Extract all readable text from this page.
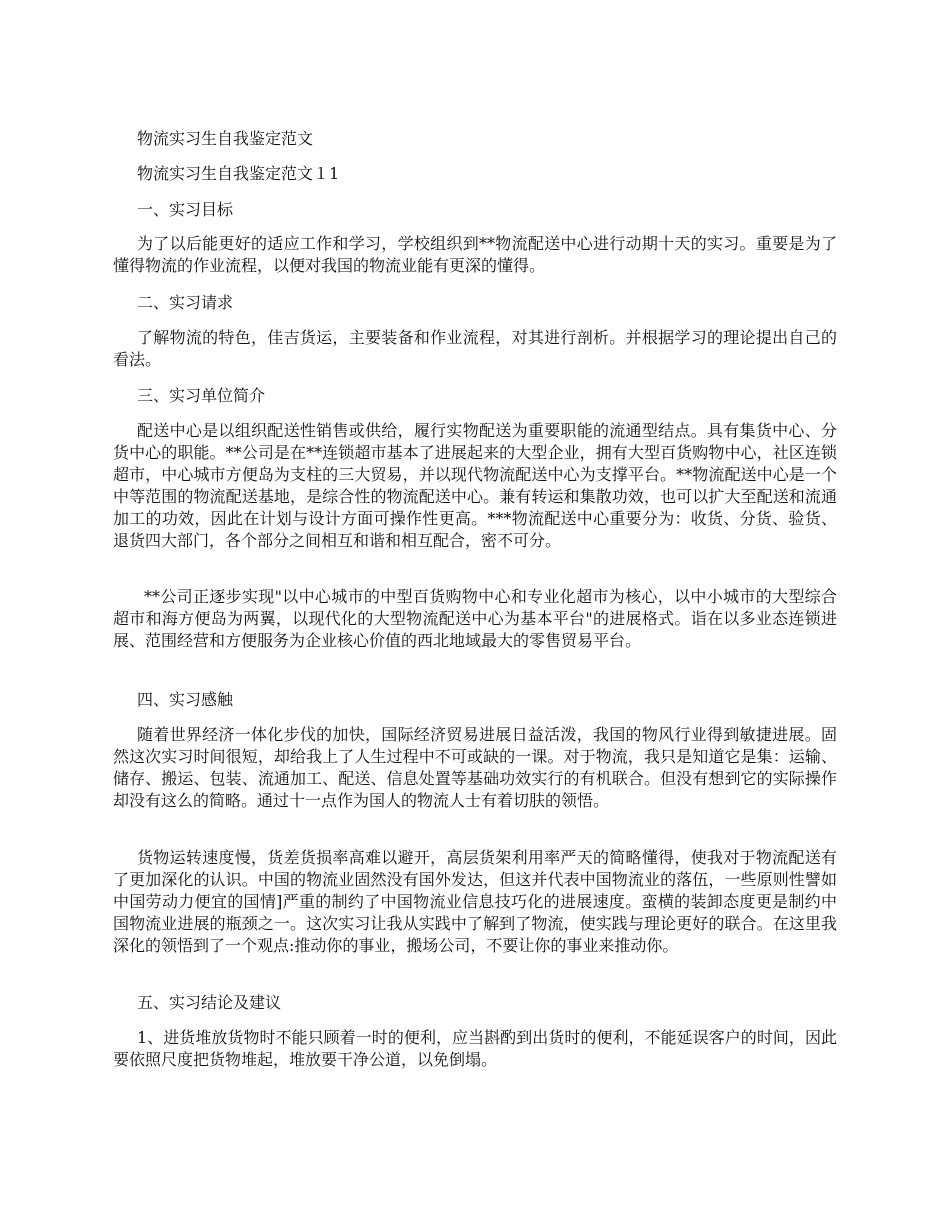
物流实习生自我鉴定范文
物流实习生自我鉴定范文１1
一、实习目标
为了以后能更好的适应工作和学习，学校组织到**物流配送中心进行动期十天的实习。重要是为了懂得物流的作业流程，以便对我国的物流业能有更深的懂得。
二、实习请求
了解物流的特色，佳吉货运，主要装备和作业流程，对其进行剖析。并根据学习的理论提出自己的看法。
三、实习单位简介
配送中心是以组织配送性销售或供给，履行实物配送为重要职能的流通型结点。具有集货中心、分货中心的职能。**公司是在**连锁超市基本了进展起来的大型企业，拥有大型百货购物中心，社区连锁超市，中心城市方便岛为支柱的三大贸易，并以现代物流配送中心为支撑平台。**物流配送中心是一个中等范围的物流配送基地，是综合性的物流配送中心。兼有转运和集散功效，也可以扩大至配送和流通加工的功效，因此在计划与设计方面可操作性更高。***物流配送中心重要分为：收货、分货、验货、退货四大部门，各个部分之间相互和谐和相互配合，密不可分。
**公司正逐步实现"以中心城市的中型百货购物中心和专业化超市为核心，以中小城市的大型综合超市和海方便岛为两翼，以现代化的大型物流配送中心为基本平台"的进展格式。诣在以多业态连锁进展、范围经营和方便服务为企业核心价值的西北地域最大的零售贸易平台。
四、实习感触
随着世界经济一体化步伐的加快，国际经济贸易进展日益活泼，我国的物风行业得到敏捷进展。固然这次实习时间很短，却给我上了人生过程中不可或缺的一课。对于物流，我只是知道它是集：运输、储存、搬运、包装、流通加工、配送、信息处置等基础功效实行的有机联合。但没有想到它的实际操作却没有这么的简略。通过十一点作为国人的物流人士有着切肤的领悟。
货物运转速度慢，货差货损率高难以避开，高层货架利用率严天的简略懂得，使我对于物流配送有了更加深化的认识。中国的物流业固然没有国外发达，但这并代表中国物流业的落伍，一些原则性譬如中国劳动力便宜的国情]严重的制约了中国物流业信息技巧化的进展速度。蛮横的装卸态度更是制约中国物流业进展的瓶颈之一。这次实习让我从实践中了解到了物流，使实践与理论更好的联合。在这里我深化的领悟到了一个观点:推动你的事业，搬场公司，不要让你的事业来推动你。
五、实习结论及建议
1、进货堆放货物时不能只顾着一时的便利，应当斟酌到出货时的便利，不能延误客户的时间，因此要依照尺度把货物堆起，堆放要干净公道，以免倒塌。
